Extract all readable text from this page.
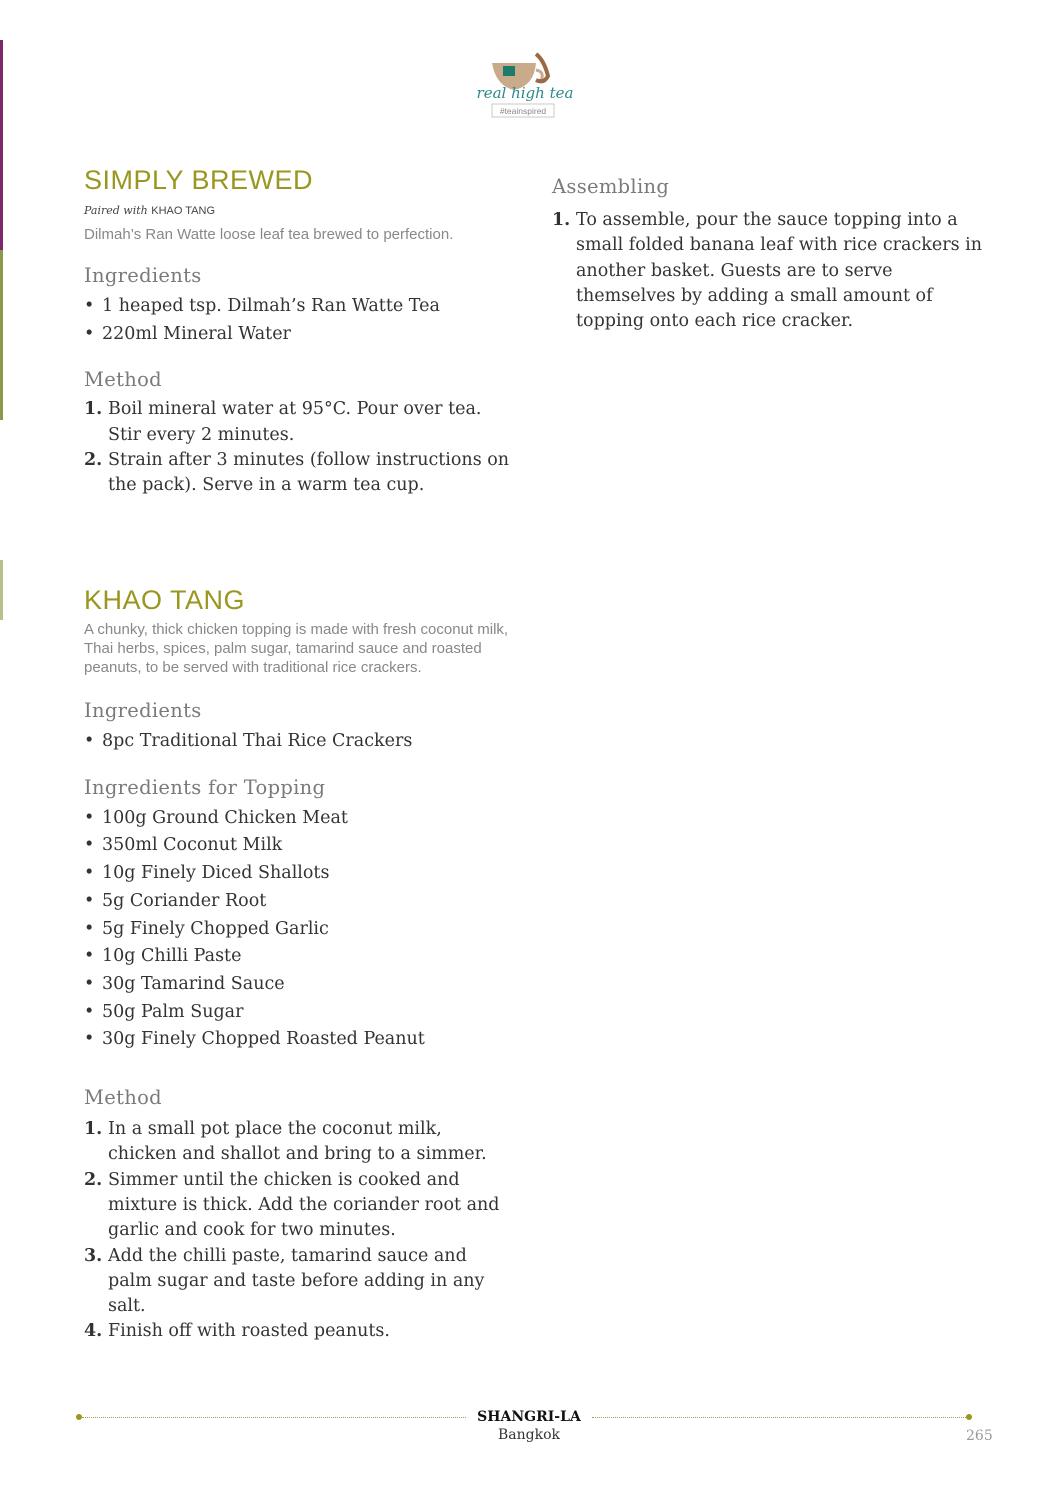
real high tea
#teainspired
SIMPLY BREWED
Paired with KHAO TANG
Dilmah’s Ran Watte loose leaf tea brewed to perfection.
Ingredients
• 1 heaped tsp. Dilmah’s Ran Watte Tea
• 220ml Mineral Water
Method
1. Boil mineral water at 95°C. Pour over tea. Stir every 2 minutes.
2. Strain after 3 minutes (follow instructions on the pack). Serve in a warm tea cup.
KHAO TANG
A chunky, thick chicken topping is made with fresh coconut milk, Thai herbs, spices, palm sugar, tamarind sauce and roasted peanuts, to be served with traditional rice crackers.
Ingredients
• 8pc Traditional Thai Rice Crackers
Ingredients for Topping
• 100g Ground Chicken Meat
• 350ml Coconut Milk
• 10g Finely Diced Shallots
• 5g Coriander Root
• 5g Finely Chopped Garlic
• 10g Chilli Paste
• 30g Tamarind Sauce
• 50g Palm Sugar
• 30g Finely Chopped Roasted Peanut
Method
1. In a small pot place the coconut milk, chicken and shallot and bring to a simmer.
2. Simmer until the chicken is cooked and mixture is thick. Add the coriander root and garlic and cook for two minutes.
3. Add the chilli paste, tamarind sauce and palm sugar and taste before adding in any salt.
4. Finish off with roasted peanuts.
Assembling
1. To assemble, pour the sauce topping into a small folded banana leaf with rice crackers in another basket. Guests are to serve themselves by adding a small amount of topping onto each rice cracker.
SHANGRI-LA
Bangkok	265
